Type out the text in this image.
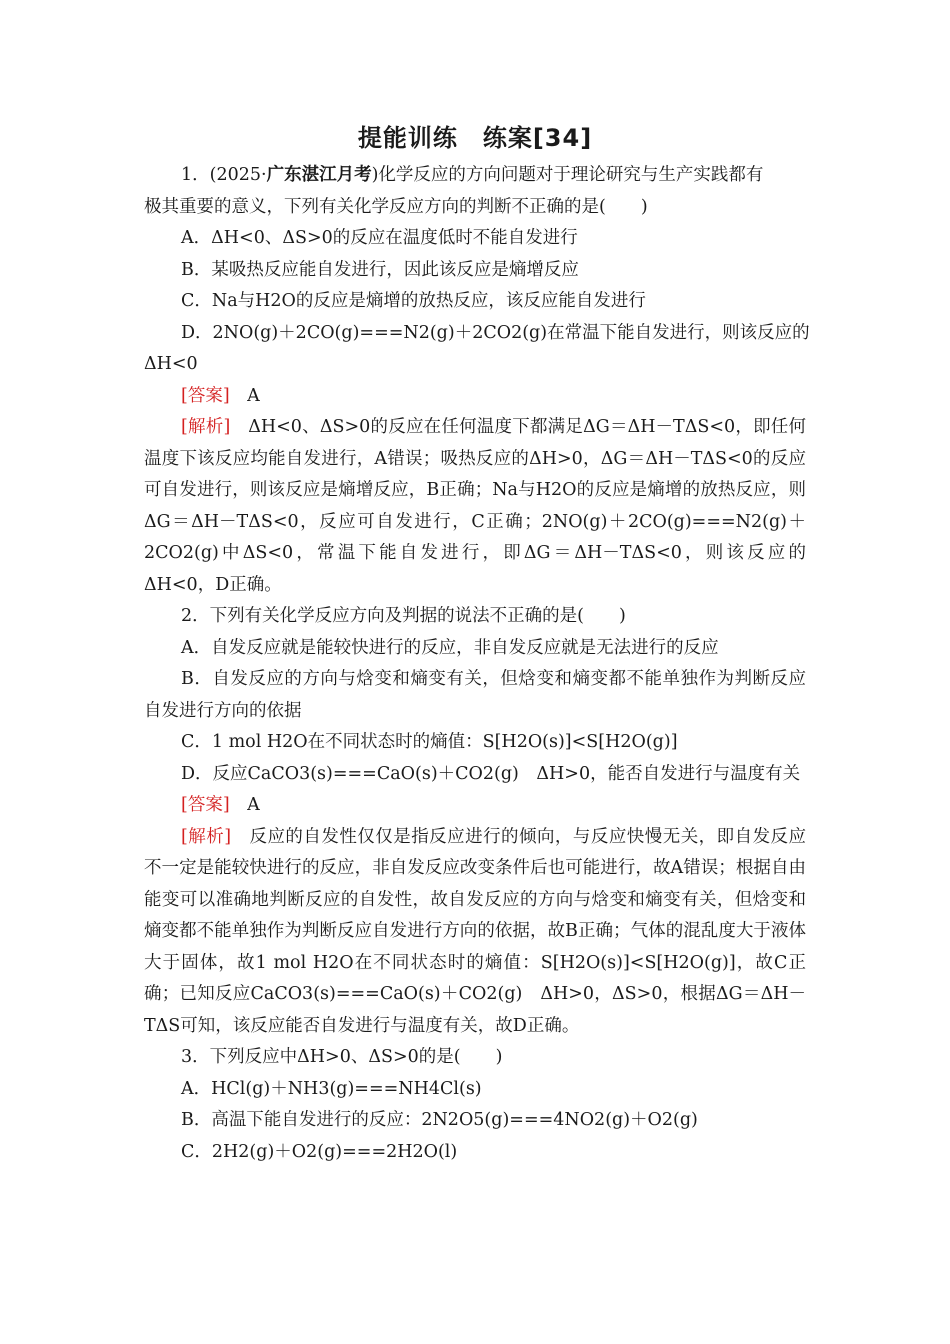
提能训练　练案[34]
1．(2025·广东湛江月考)化学反应的方向问题对于理论研究与生产实践都有
极其重要的意义，下列有关化学反应方向的判断不正确的是(　　)
A．ΔH<0、ΔS>0的反应在温度低时不能自发进行
B．某吸热反应能自发进行，因此该反应是熵增反应
C．Na与H2O的反应是熵增的放热反应，该反应能自发进行
D．2NO(g)＋2CO(g)===N2(g)＋2CO2(g)在常温下能自发进行，则该反应的
ΔH<0
[答案]　 A
[解析]　 ΔH<0、ΔS>0的反应在任何温度下都满足ΔG＝ΔH－TΔS<0，即任何温度下该反应均能自发进行，A错误；吸热反应的ΔH>0，ΔG＝ΔH－TΔS<0的反应可自发进行，则该反应是熵增反应，B正确；Na与H2O的反应是熵增的放热反应，则ΔG＝ΔH－TΔS<0，反应可自发进行，C正确；2NO(g)＋2CO(g)===N2(g)＋2CO2(g)中ΔS<0，常温下能自发进行，即ΔG＝ΔH－TΔS<0，则该反应的ΔH<0，D正确。
2．下列有关化学反应方向及判据的说法不正确的是(　　)
A．自发反应就是能较快进行的反应，非自发反应就是无法进行的反应
B．自发反应的方向与焓变和熵变有关，但焓变和熵变都不能单独作为判断反应自发进行方向的依据
C．1 mol H2O在不同状态时的熵值：S[H2O(s)]<S[H2O(g)]
D．反应CaCO3(s)===CaO(s)＋CO2(g)　ΔH>0，能否自发进行与温度有关
[答案]　 A
[解析]　 反应的自发性仅仅是指反应进行的倾向，与反应快慢无关，即自发反应不一定是能较快进行的反应，非自发反应改变条件后也可能进行，故A错误；根据自由能变可以准确地判断反应的自发性，故自发反应的方向与焓变和熵变有关，但焓变和熵变都不能单独作为判断反应自发进行方向的依据，故B正确；气体的混乱度大于液体大于固体，故1 mol H2O在不同状态时的熵值：S[H2O(s)]<S[H2O(g)]，故C正确；已知反应CaCO3(s)===CaO(s)＋CO2(g)　ΔH>0，ΔS>0，根据ΔG＝ΔH－TΔS可知，该反应能否自发进行与温度有关，故D正确。
3．下列反应中ΔH>0、ΔS>0的是(　　)
A．HCl(g)＋NH3(g)===NH4Cl(s)
B．高温下能自发进行的反应：2N2O5(g)===4NO2(g)＋O2(g)
C．2H2(g)＋O2(g)===2H2O(l)
